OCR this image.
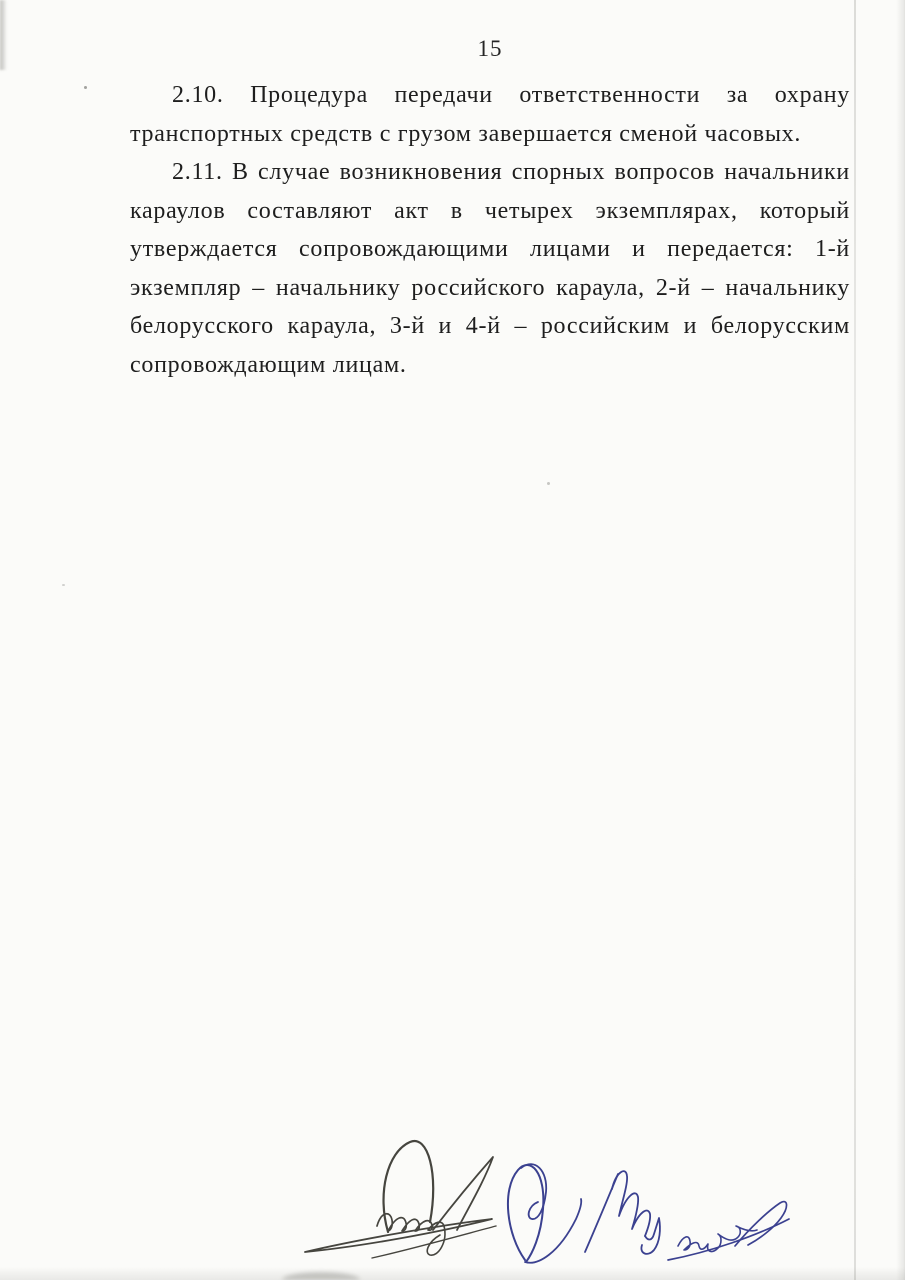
15
2.10. Процедура передачи ответственности за охрану
транспортных средств с грузом завершается сменой часовых.
2.11. В случае возникновения спорных вопросов начальники
караулов составляют акт в четырех экземплярах, который
утверждается сопровождающими лицами и передается: 1-й
экземпляр – начальнику российского караула, 2-й – начальнику
белорусского караула, 3-й и 4-й – российским и белорусским
сопровождающим лицам.
